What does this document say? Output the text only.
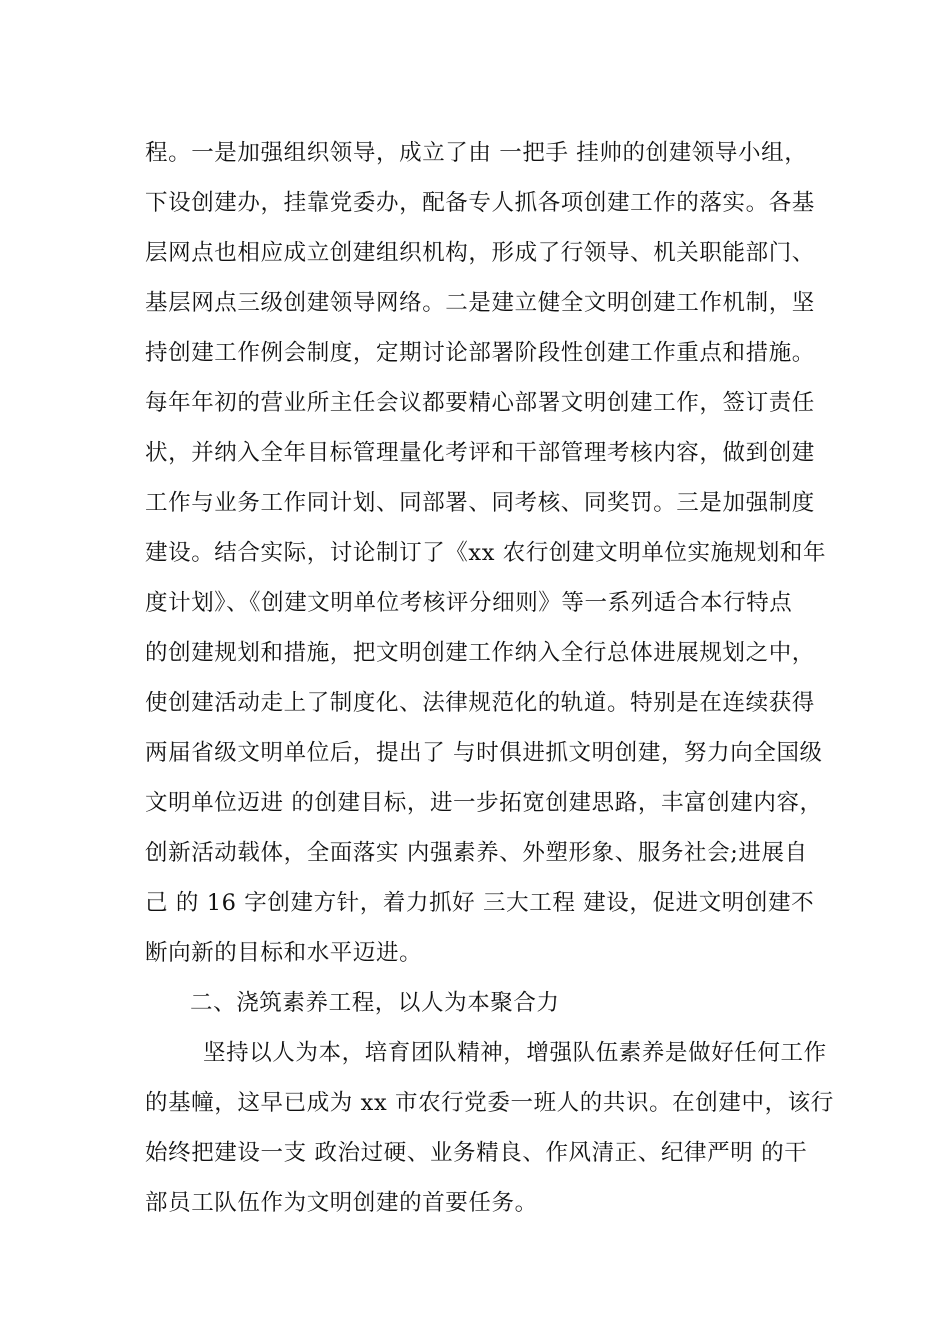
程。一是加强组织领导，成立了由 一把手 挂帅的创建领导小组，
下设创建办，挂靠党委办，配备专人抓各项创建工作的落实。各基
层网点也相应成立创建组织机构，形成了行领导、机关职能部门、
基层网点三级创建领导网络。二是建立健全文明创建工作机制，坚
持创建工作例会制度，定期讨论部署阶段性创建工作重点和措施。
每年年初的营业所主任会议都要精心部署文明创建工作，签订责任
状，并纳入全年目标管理量化考评和干部管理考核内容，做到创建
工作与业务工作同计划、同部署、同考核、同奖罚。三是加强制度
建设。结合实际，讨论制订了《xx 农行创建文明单位实施规划和年
度计划》、《创建文明单位考核评分细则》等一系列适合本行特点
的创建规划和措施，把文明创建工作纳入全行总体进展规划之中，
使创建活动走上了制度化、法律规范化的轨道。特别是在连续获得
两届省级文明单位后，提出了 与时俱进抓文明创建，努力向全国级
文明单位迈进 的创建目标，进一步拓宽创建思路，丰富创建内容，
创新活动载体，全面落实 内强素养、外塑形象、服务社会;进展自
己 的 16 字创建方针，着力抓好 三大工程 建设，促进文明创建不
断向新的目标和水平迈进。
二、浇筑素养工程，以人为本聚合力
坚持以人为本，培育团队精神，增强队伍素养是做好任何工作
的基幢，这早已成为 xx 市农行党委一班人的共识。在创建中，该行
始终把建设一支 政治过硬、业务精良、作风清正、纪律严明 的干
部员工队伍作为文明创建的首要任务。
